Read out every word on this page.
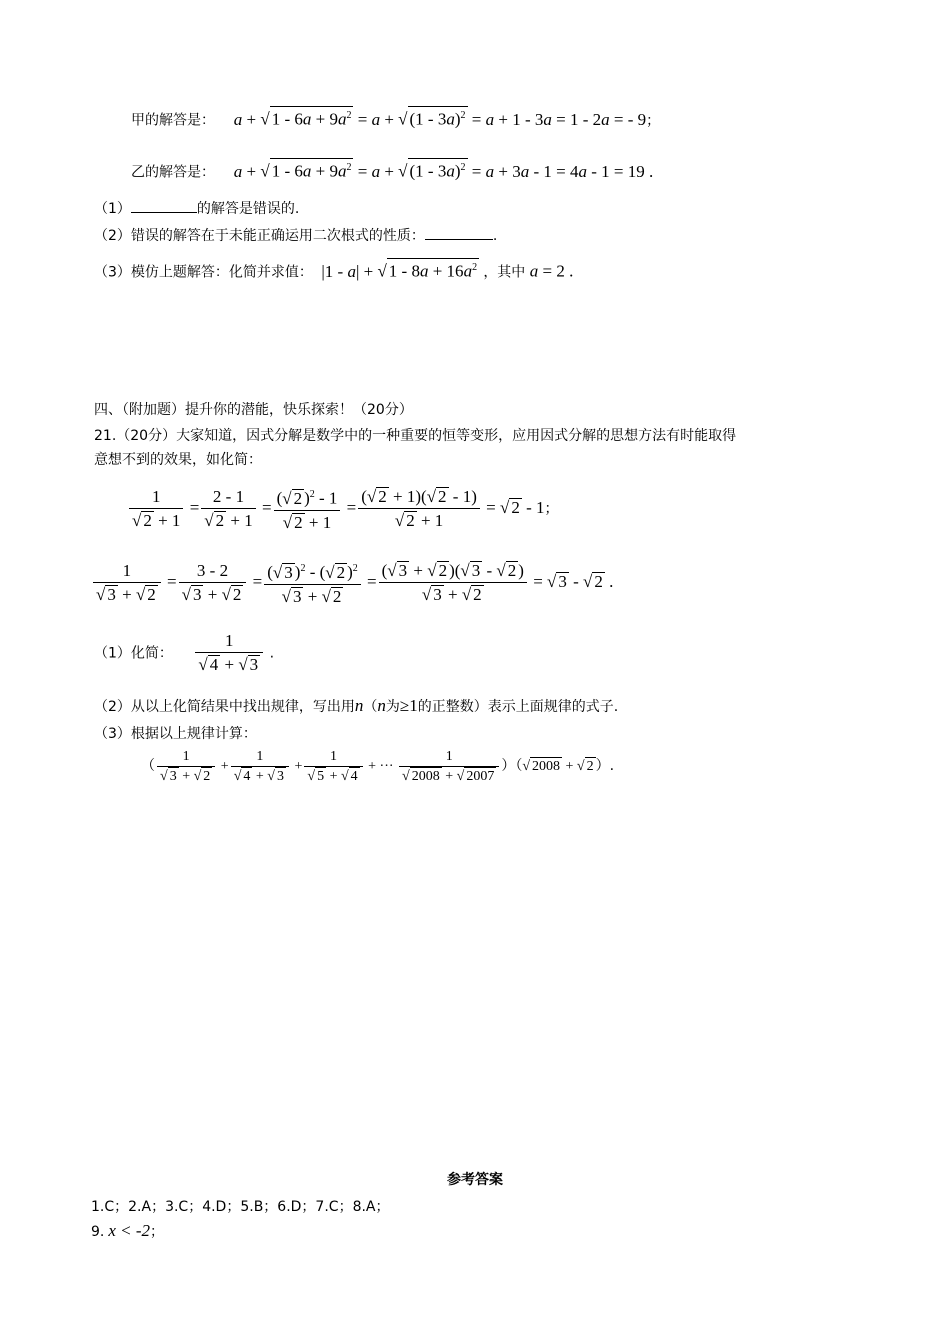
甲的解答是： a + √ $1 - 6a + 9a^2 = a$ + √ (1 - 3a)$^2$ = a + 1 - 3a = 1 - 2a = - 9；
乙的解答是： a + √ $1 - 6a + 9a^2 = a$ + √ (1 - 3a)$^2$ = a + 3a - 1 = 4a - 1 = 19 .
（1）	的解答是错误的.
（2）错误的解答在于未能正确运用二次根式的性质：	.
（3）模仿上题解答：化简并求值： |1 - a| + √ $1 - 8a + 16a^2$ ，其中 a = 2 .
四、（附加题）提升你的潜能，快乐探索！（20分）
21.（20分）大家知道，因式分解是数学中的一种重要的恒等变形，应用因式分解的思想方法有时能取得
意想不到的效果，如化简：
$\frac{1}{√ 2 + 1} = \frac{2 - 1}{√ 2 + 1} = \frac{(√ 2 )^2 - 1}{√ 2 + 1} = \frac{(√ 2 + 1)(√ 2 - 1)}{√ 2 + 1}$ = √ 2 - 1；
$\frac{1}{√ 3 + √ 2} = \frac{3 - 2}{√ 3 + √ 2} = \frac{(√ 3 )^2 - (√ 2 )^2}{√ 3 + √ 2} = \frac{(√ 3 + √ 2 )(√ 3 - √ 2 )}{√ 3 + √ 2}$ = √ 3 - √ 2 .
（1）化简： $\frac{1}{√ 4 + √ 3}$ .
（2）从以上化简结果中找出规律，写出用n（n为≥1的正整数）表示上面规律的式子.
（3）根据以上规律计算：
（ $\frac{1}{√ 3 + √ 2} + \frac{1}{√ 4 + √ 3} + \frac{1}{√ 5 + √ 4}$ + ··· $\frac{1}{√ 2008 + √ 2007}$ ）（√ 2008 + √ 2 ）.
参考答案
1.C；2.A；3.C；4.D；5.B；6.D；7.C；8.A；
9. x < -2；
